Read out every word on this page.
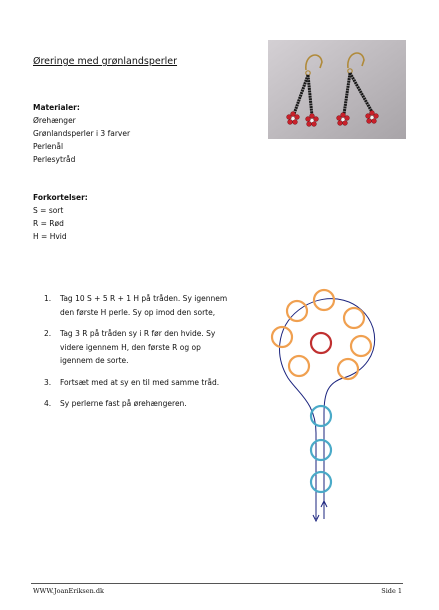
Øreringe med grønlandsperler
Materialer:
Ørehænger
Grønlandsperler i 3 farver
Perlenål
Perlesytråd
Forkortelser:
S = sort
R = Rød
H = Hvid
1. Tag 10 S + 5 R + 1 H på tråden. Sy igennem den første H perle. Sy op imod den sorte,
2. Tag 3 R på tråden sy i R før den hvide. Sy videre igennem H, den første R og op igennem de sorte.
3. Fortsæt med at sy en til med samme tråd.
4. Sy perlerne fast på ørehængeren.
WWW.JoanEriksen.dk	Side 1
